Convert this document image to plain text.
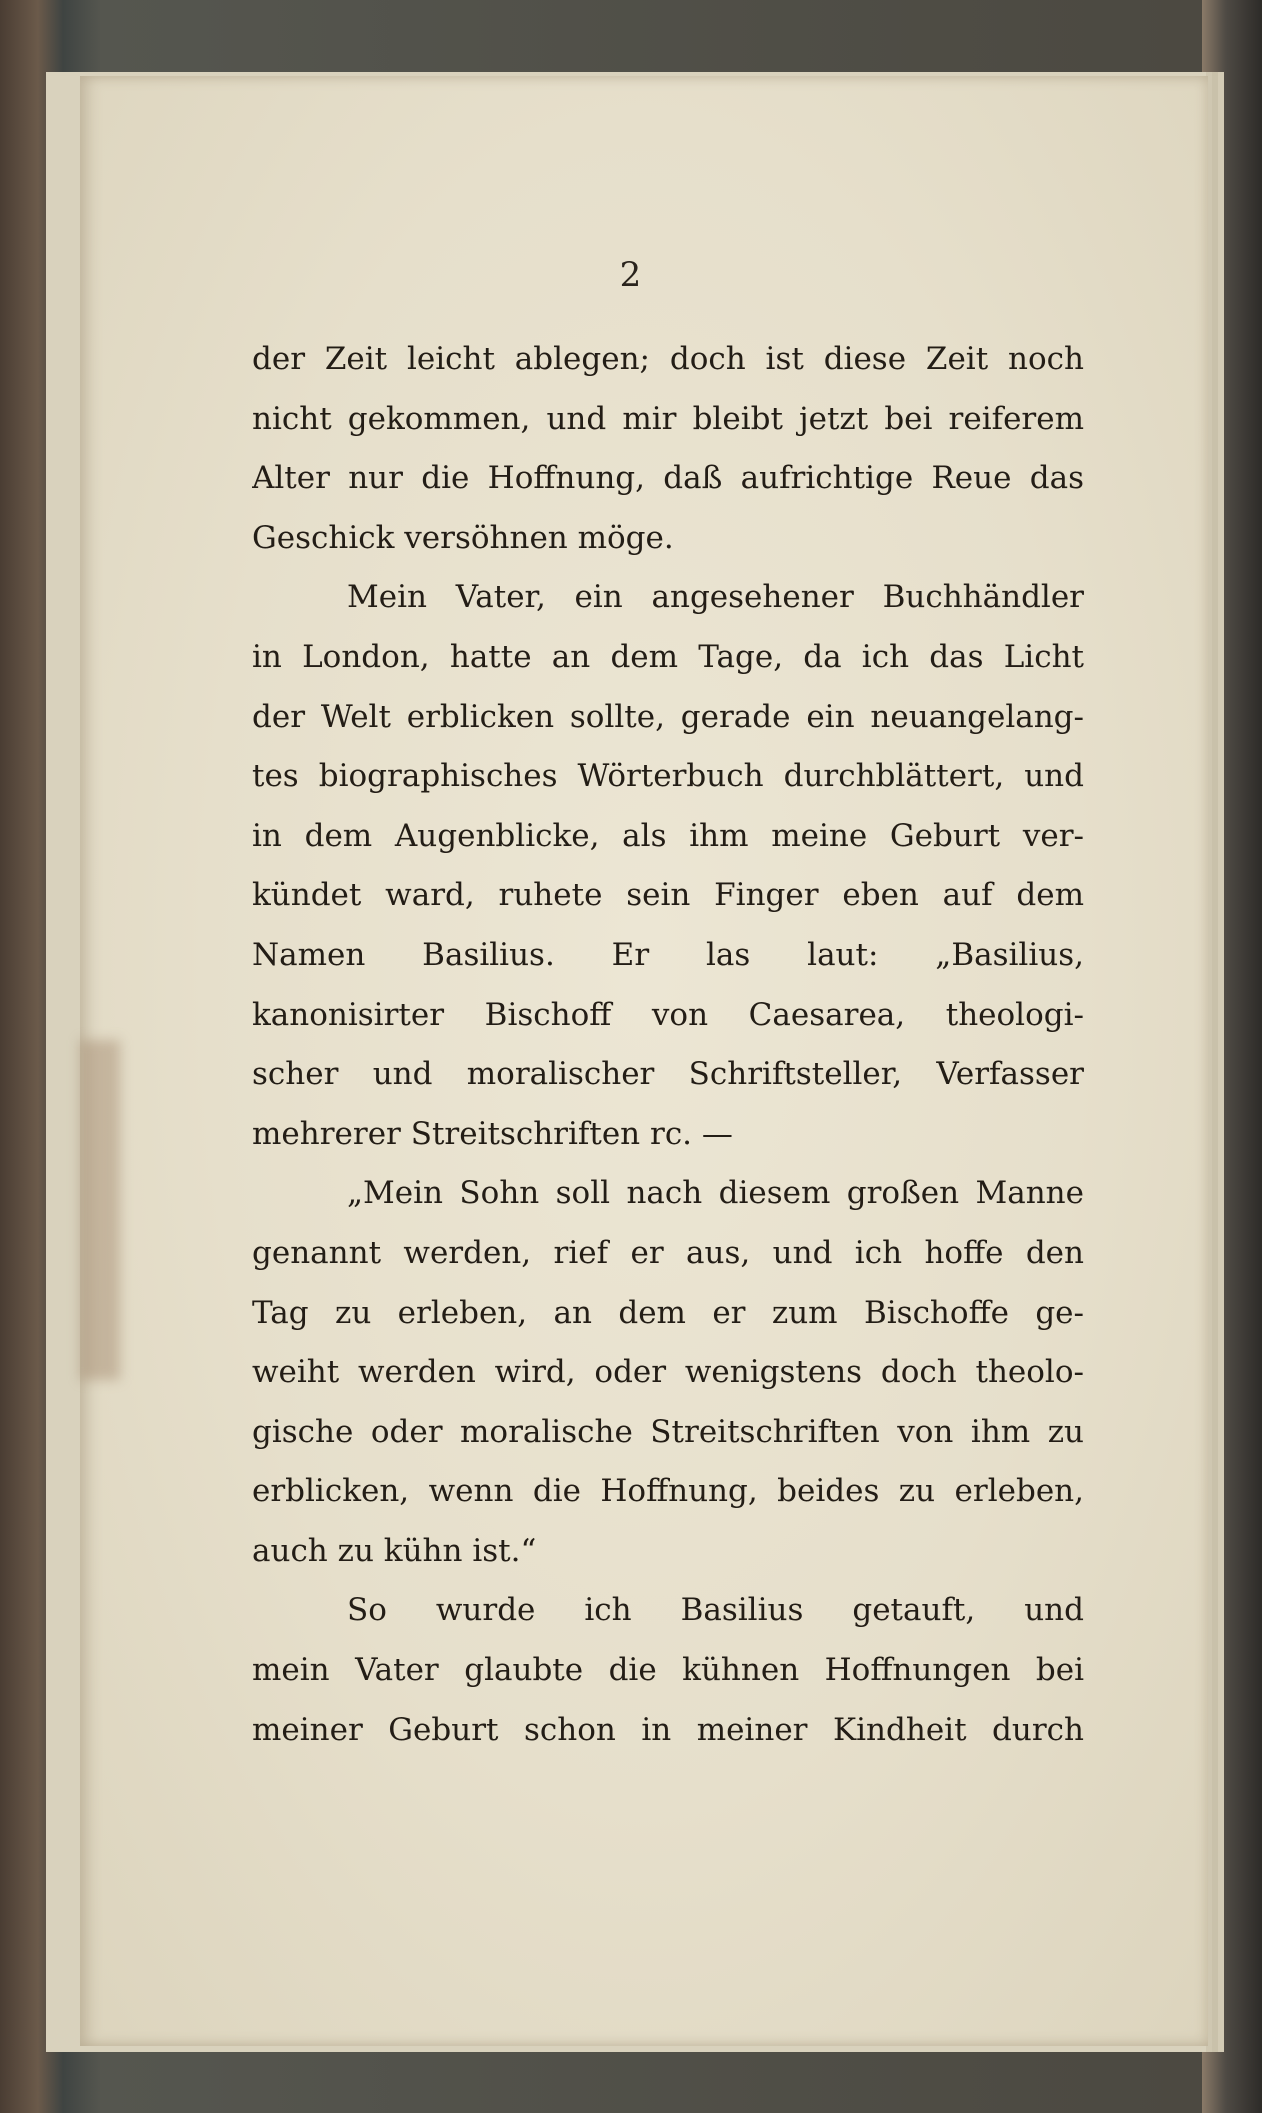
2
der Zeit leicht ablegen; doch ist diese Zeit noch
nicht gekommen, und mir bleibt jetzt bei reiferem
Alter nur die Hoffnung, daß aufrichtige Reue das
Geschick versöhnen möge.
Mein Vater, ein angesehener Buchhändler
in London, hatte an dem Tage, da ich das Licht
der Welt erblicken sollte, gerade ein neuangelang-
tes biographisches Wörterbuch durchblättert, und
in dem Augenblicke, als ihm meine Geburt ver-
kündet ward, ruhete sein Finger eben auf dem
Namen Basilius. Er las laut: „Basilius,
kanonisirter Bischoff von Caesarea, theologi-
scher und moralischer Schriftsteller, Verfasser
mehrerer Streitschriften rc. —
„Mein Sohn soll nach diesem großen Manne
genannt werden, rief er aus, und ich hoffe den
Tag zu erleben, an dem er zum Bischoffe ge-
weiht werden wird, oder wenigstens doch theolo-
gische oder moralische Streitschriften von ihm zu
erblicken, wenn die Hoffnung, beides zu erleben,
auch zu kühn ist.“
So wurde ich Basilius getauft, und
mein Vater glaubte die kühnen Hoffnungen bei
meiner Geburt schon in meiner Kindheit durch
